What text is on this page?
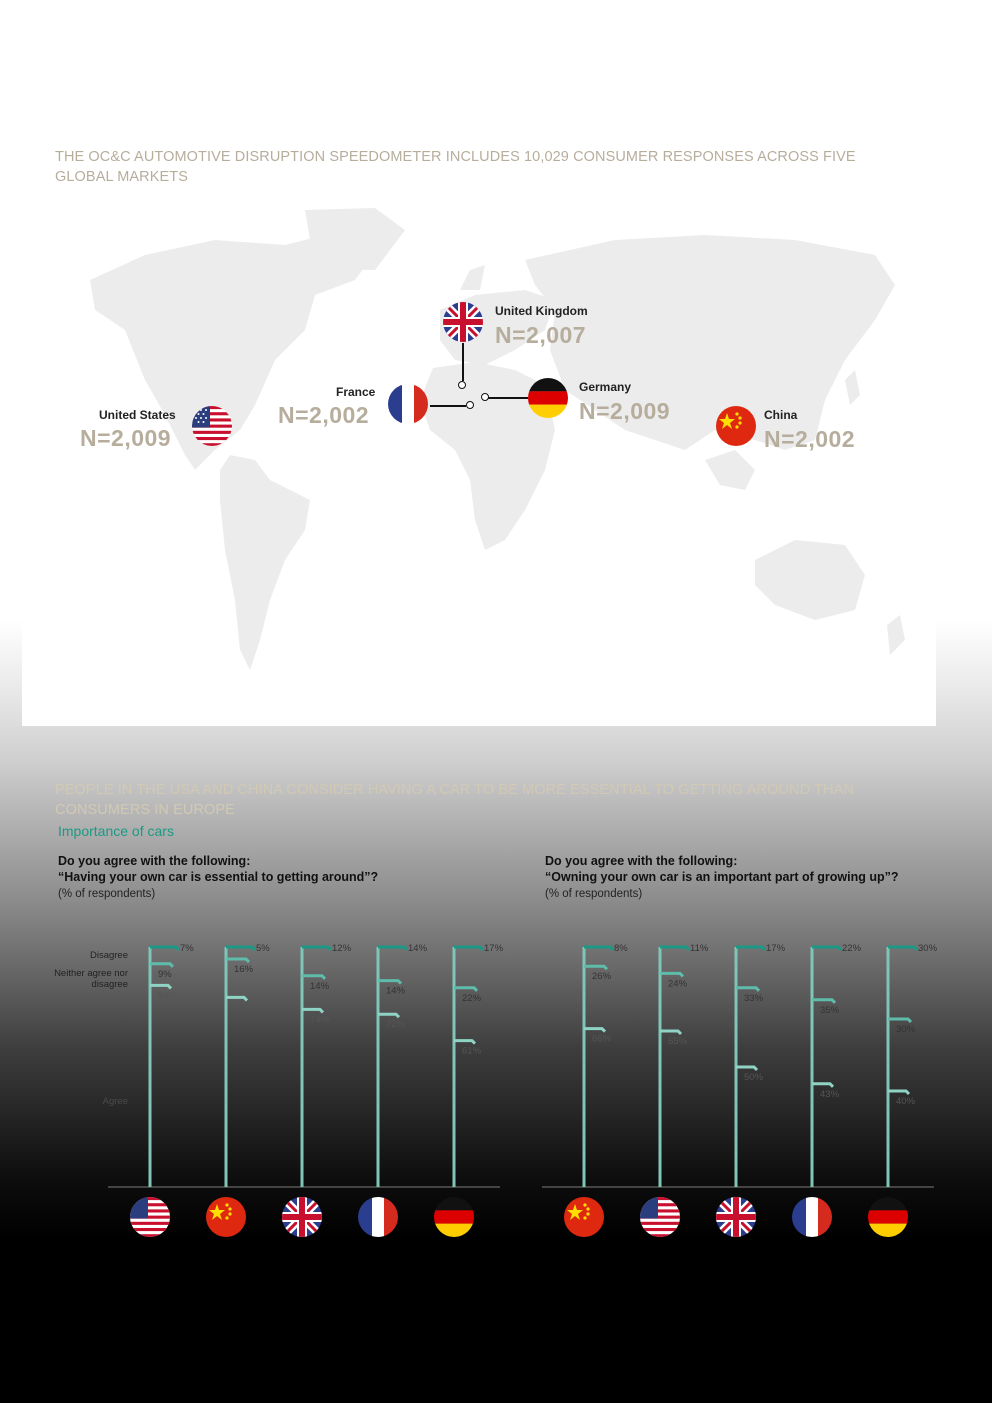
THE OC&C AUTOMOTIVE DISRUPTION SPEEDOMETER INCLUDES 10,029 CONSUMER RESPONSES ACROSS FIVE GLOBAL MARKETS
United States
N=2,009
France
N=2,002
United Kingdom
N=2,007
Germany
N=2,009	China
N=2,002
PEOPLE IN THE USA AND CHINA CONSIDER HAVING A CAR TO BE MORE ESSENTIAL TO GETTING AROUND THAN CONSUMERS IN EUROPE

Importance of cars

Do you agree with the following:
“Having your own car is essential to getting around”?
(% of respondents)
Do you agree with the following:
“Owning your own car is an important part of growing up”?
(% of respondents)
Disagree
Neither agree nor disagree
Agree
7%
9%
84%
5%
16%
78%
12%
14%
74%
14%
14%
72%
17%
22%
61%
8%
26%
66%
11%
24%
65%
17%
33%
50%
22%
35%
43%
30%
30%
40%
